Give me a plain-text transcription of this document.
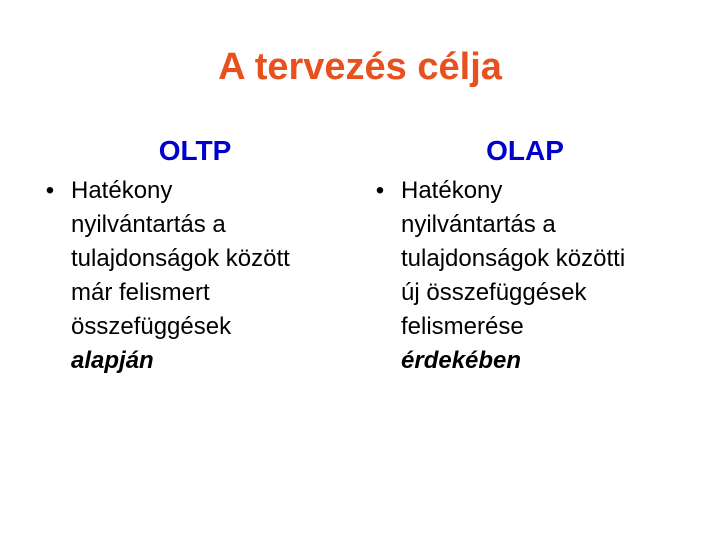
A tervezés célja
OLTP	OLAP
• Hatékony
nyilvántartás a
tulajdonságok között
már felismert
összefüggések
alapján
• Hatékony
nyilvántartás a
tulajdonságok közötti
új összefüggések
felismerése
érdekében
